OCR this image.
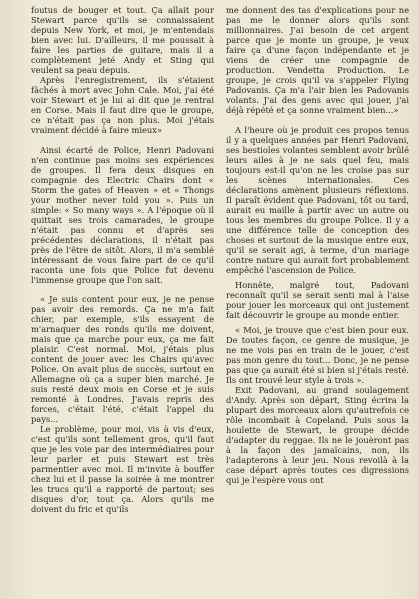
foutus de bouger et tout. Ça allait pour Stewart parce qu'ils se connaissaient depuis New York, et moi, je m'entendais bien avec lui. D'ailleurs, il me poussait à faire les parties de guitare, mais il a complètement jeté Andy et Sting qui veulent sa peau depuis.

Après l'enregistrement, ils s'étaient fâchés à mort avec John Cale. Moi, j'ai été voir Stewart et je lui ai dit que je rentrai en Corse. Mais il faut dire que le groupe, ce n'était pas ça non plus. Moi j'étais vraiment décidé à faire mieux»

Ainsi écarté de Police, Henri Padovani n'en continue pas moins ses expériences de groupes. Il fera deux disques en compagnie des Electric Chairs dont « Storm the gates of Heaven » et « Thongs your mother never told you ». Puis un simple: « So many ways ». A l'époque où il quittait ses trois camarades, le groupe n'était pas connu et d'après ses précédentes déclarations, il n'était pas près de l'être de sitôt. Alors, il m'a semblé intéressant de vous faire part de ce qu'il raconta une fois que Police fut devenu l'immense groupe que l'on sait.

« Je suis content pour eux, je ne pense pas avoir des remords. Ça ne m'a fait chier, par exemple, s'ils essayent de m'arnaquer des ronds qu'ils me doivent, mais que ça marche pour eux, ça me fait plaisir. C'est normal. Moi, j'étais plus content de jouer avec les Chairs qu'avec Police. On avait plus de succès, surtout en Allemagne où ça a super bien marché. Je suis resté deux mois en Corse et je suis remonté à Londres. J'avais repris des forces, c'était l'été, c'était l'appel du pays...

Le problème, pour moi, vis à vis d'eux, c'est qu'ils sont tellement gros, qu'il faut que je les voie par des intermédiaires pour leur parler et puis Stewart est très parmentier avec moi. Il m'invite à bouffer chez lui et il passe la soirée à me montrer les trucs qu'il a rapporté de partout; ses disques d'or, tout ça. Alors qu'ils me doivent du fric et qu'ils

me donnent des tas d'explications pour ne pas me le donner alors qu'ils sont millionnaires. J'ai besoin de cet argent parce que je monte un groupe, je veux faire ça d'une façon indépendante et je viens de créer une compagnie de production. Vendetta Production. Le groupe, je crois qu'il va s'appeler Flying Padovanis. Ça m'a l'air bien les Padovanis volants. J'ai des gens avec qui jouer, j'ai déjà répété et ça sonne vraiment bien...»

A l'heure où je produit ces propos tenus il y a quelques années par Henri Padovani, ses bestioles volantes semblent avoir brûlé leurs ailes à je ne sais quel feu, mais toujours est-il qu'on ne les croise pas sur les scènes internationales. Ces déclarations amènent plusieurs réflexions. Il paraît évident que Padovani, tôt ou tard, aurait eu maille à partir avec un autre ou tous les membres du groupe Police. Il y a une différence telle de conception des choses et surtout de la musique entre eux, qu'il se serait agi, à terme, d'un mariage contre nature qui aurait fort probablement empêché l'ascension de Police.

Honnête, malgré tout, Padovani reconnaît qu'il se serait senti mal à l'aise pour jouer les morceaux qui ont justement fait découvrir le groupe au monde entier.

« Moi, je trouve que c'est bien pour eux. De toutes façon, ce genre de musique, je ne me vois pas en train de le jouer, c'est pas mon genre du tout... Donc, je ne pense pas que ça aurait été si bien si j'étais resté. Ils ont trouvé leur style à trois ».

Exit Padovani, au grand soulagement d'Andy. Après son départ, Sting écrira la plupart des morceaux alors qu'autrefois ce rôle incombait à Copeland. Puis sous la houlette de Stewart, le groupe décide d'adapter du reggae. Ils ne le jouèront pas à la façon des jamaïcains, non, ils l'adapterons à leur jeu. Nous revoilà à la case départ après toutes ces digressions qui je l'espère vous ont
